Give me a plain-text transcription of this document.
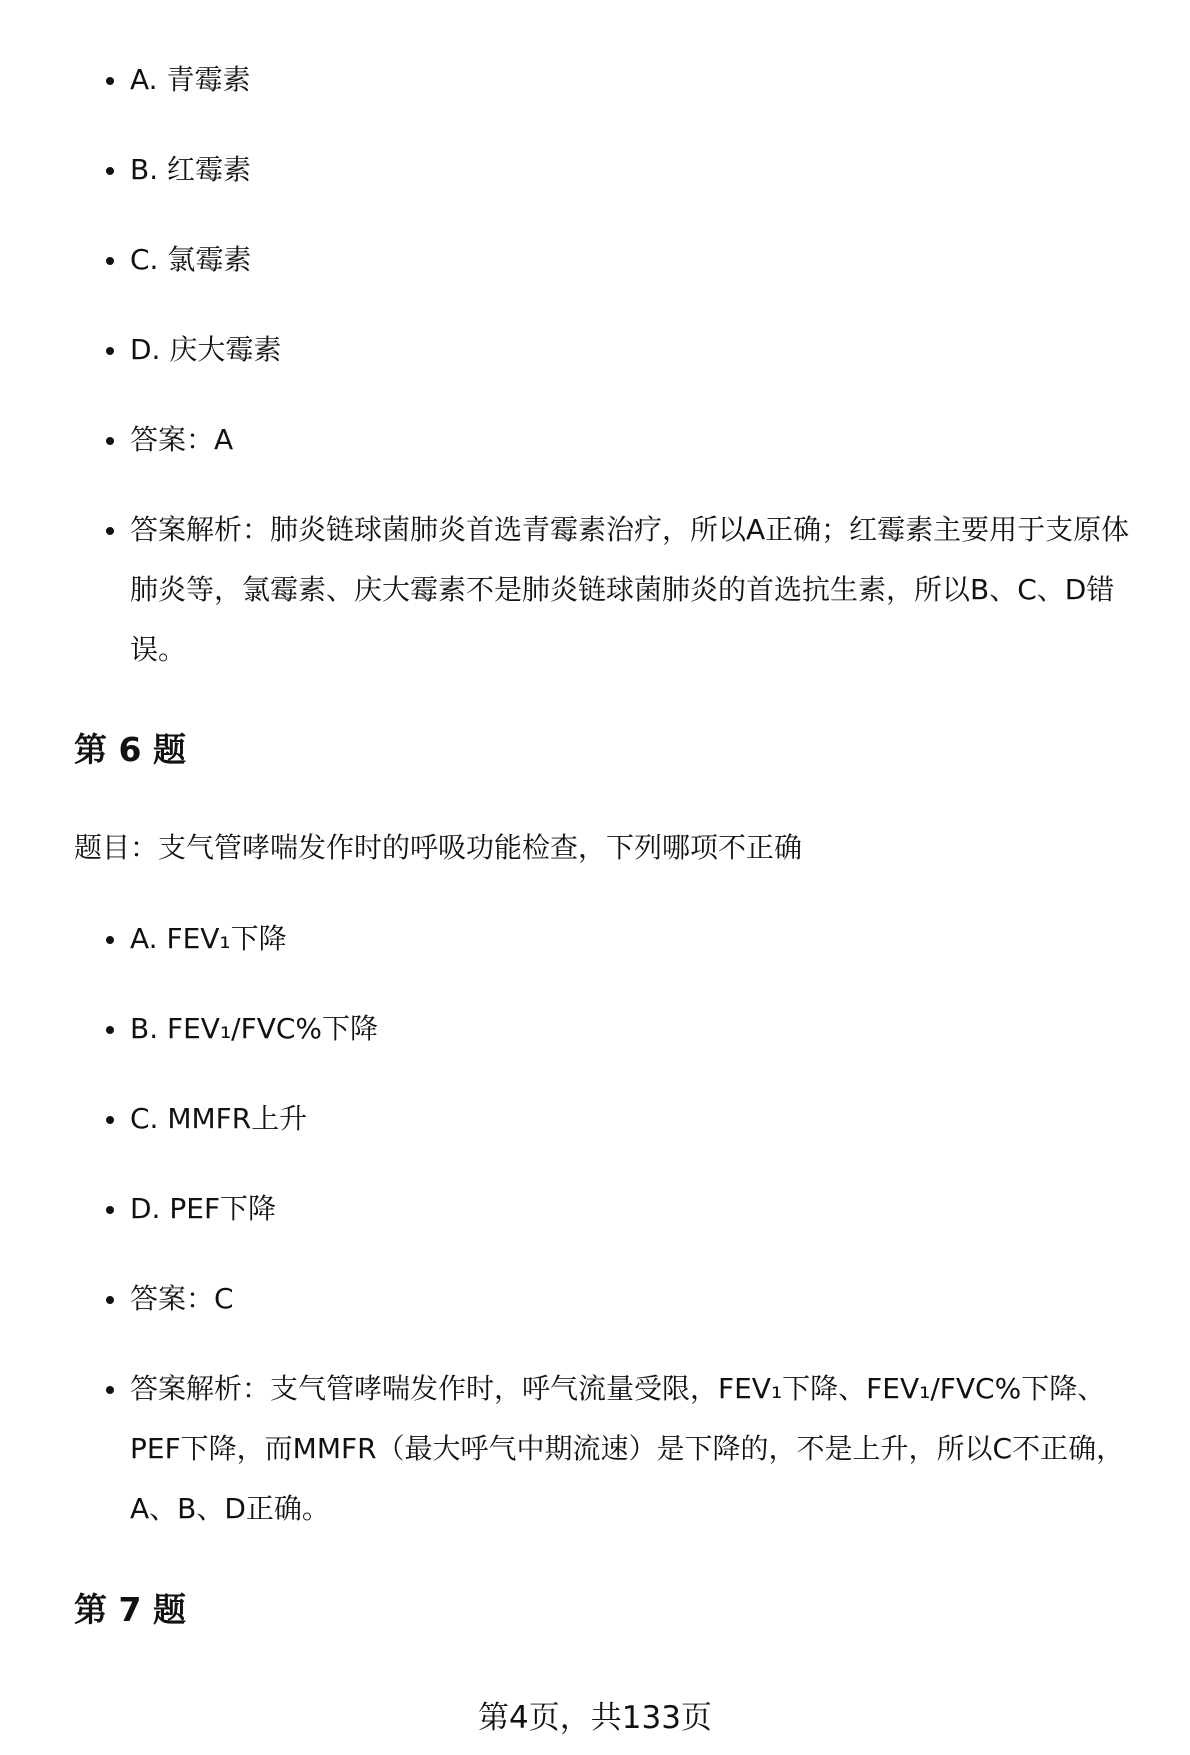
A. 青霉素
B. 红霉素
C. 氯霉素
D. 庆大霉素
答案：A
答案解析：肺炎链球菌肺炎首选青霉素治疗，所以A正确；红霉素主要用于支原体肺炎等，氯霉素、庆大霉素不是肺炎链球菌肺炎的首选抗生素，所以B、C、D错误。
第 6 题
题目：支气管哮喘发作时的呼吸功能检查，下列哪项不正确
A. FEV₁下降
B. FEV₁/FVC%下降
C. MMFR上升
D. PEF下降
答案：C
答案解析：支气管哮喘发作时，呼气流量受限，FEV₁下降、FEV₁/FVC%下降、PEF下降，而MMFR（最大呼气中期流速）是下降的，不是上升，所以C不正确，A、B、D正确。
第 7 题
第4页，共133页
